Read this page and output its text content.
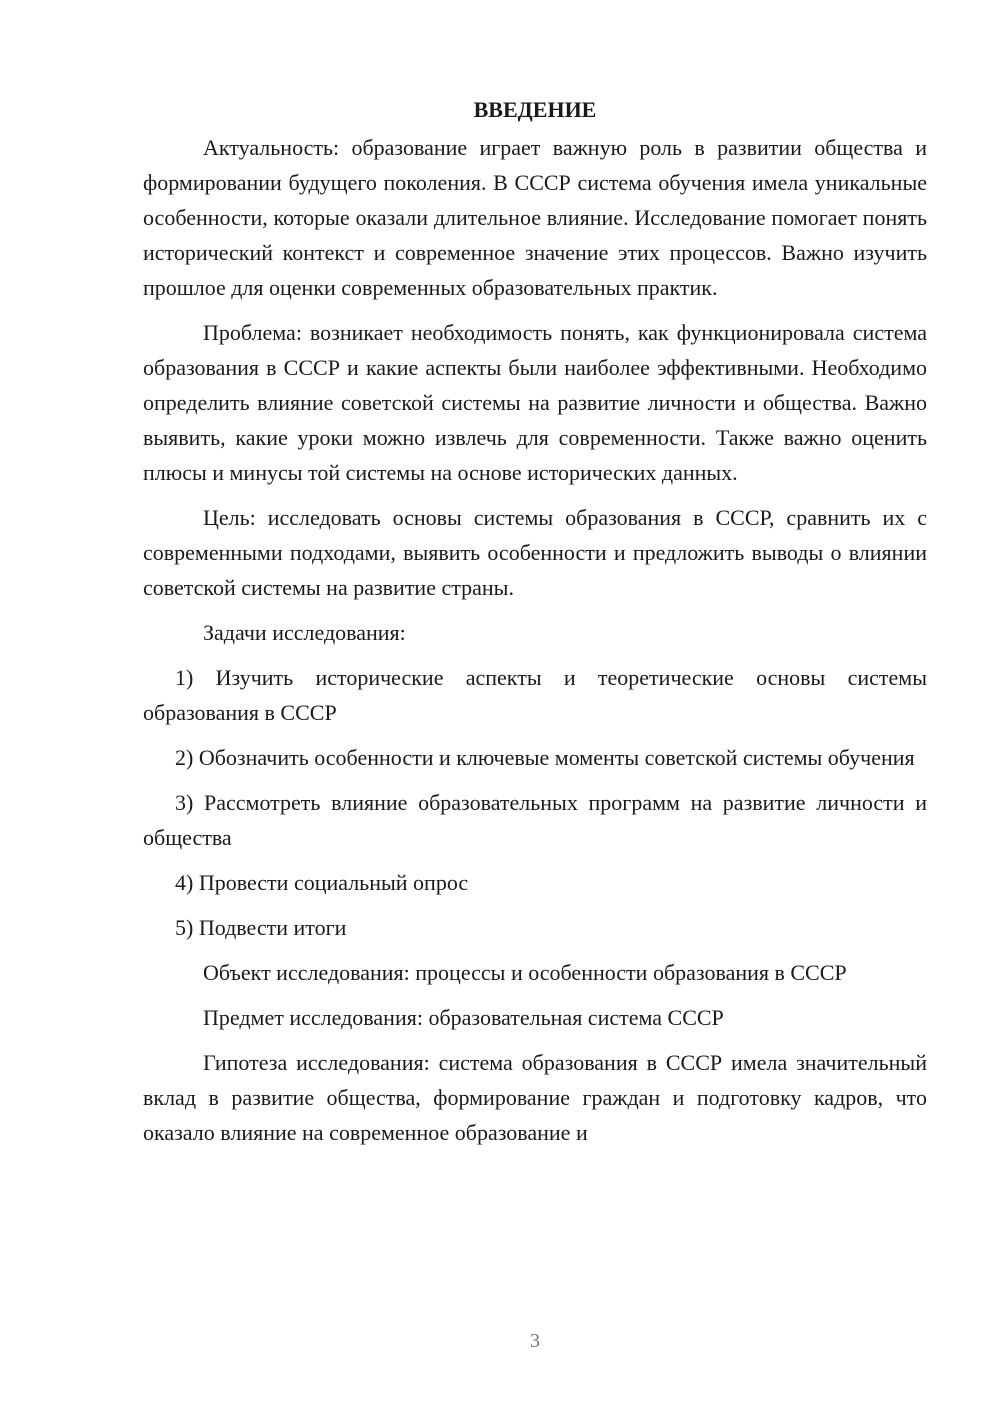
ВВЕДЕНИЕ

Актуальность: образование играет важную роль в развитии общества и формировании будущего поколения. В СССР система обучения имела уникальные особенности, которые оказали длительное влияние. Исследование помогает понять исторический контекст и современное значение этих процессов. Важно изучить прошлое для оценки современных образовательных практик.

Проблема: возникает необходимость понять, как функционировала система образования в СССР и какие аспекты были наиболее эффективными. Необходимо определить влияние советской системы на развитие личности и общества. Важно выявить, какие уроки можно извлечь для современности. Также важно оценить плюсы и минусы той системы на основе исторических данных.

Цель: исследовать основы системы образования в СССР, сравнить их с современными подходами, выявить особенности и предложить выводы о влиянии советской системы на развитие страны.

Задачи исследования:

1) Изучить исторические аспекты и теоретические основы системы образования в СССР

2) Обозначить особенности и ключевые моменты советской системы обучения

3) Рассмотреть влияние образовательных программ на развитие личности и общества

4) Провести социальный опрос

5) Подвести итоги

Объект исследования: процессы и особенности образования в СССР

Предмет исследования: образовательная система СССР

Гипотеза исследования: система образования в СССР имела значительный вклад в развитие общества, формирование граждан и подготовку кадров, что оказало влияние на современное образование и

3
